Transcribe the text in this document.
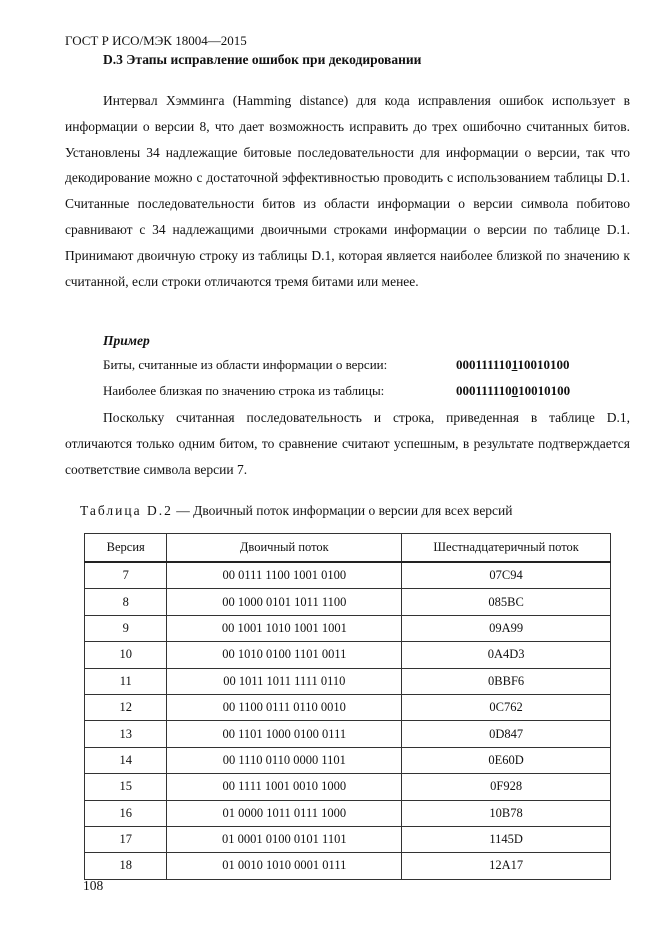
ГОСТ Р ИСО/МЭК 18004—2015
D.3 Этапы исправление ошибок при декодировании

Интервал Хэмминга (Hamming distance) для кода исправления ошибок использует в информации о версии 8, что дает возможность исправить до трех ошибочно считанных битов. Установлены 34 надлежащие битовые последовательности для информации о версии, так что декодирование можно с достаточной эффективностью проводить с использованием таблицы D.1. Считанные последовательности битов из области информации о версии символа побитово сравнивают с 34 надлежащими двоичными строками информации о версии по таблице D.1. Принимают двоичную строку из таблицы D.1, которая является наиболее близкой по значению к считанной, если строки отличаются тремя битами или менее.

Пример
Биты, считанные из области информации о версии:	000111110110010100
Наиболее близкая по значению строка из таблицы:	000111110010010100

Поскольку считанная последовательность и строка, приведенная в таблице D.1, отличаются только одним битом, то сравнение считают успешным, в результате подтверждается соответствие символа версии 7.

Таблица D.2 — Двоичный поток информации о версии для всех версий
Версия	Двоичный поток	Шестнадцатеричный поток
7	00 0111 1100 1001 0100	07C94
8	00 1000 0101 1011 1100	085BC
9	00 1001 1010 1001 1001	09A99
10	00 1010 0100 1101 0011	0A4D3
11	00 1011 1011 1111 0110	0BBF6
12	00 1100 0111 0110 0010	0C762
13	00 1101 1000 0100 0111	0D847
14	00 1110 0110 0000 1101	0E60D
15	00 1111 1001 0010 1000	0F928
16	01 0000 1011 0111 1000	10B78
17	01 0001 0100 0101 1101	1145D
18	01 0010 1010 0001 0111	12A17
108
